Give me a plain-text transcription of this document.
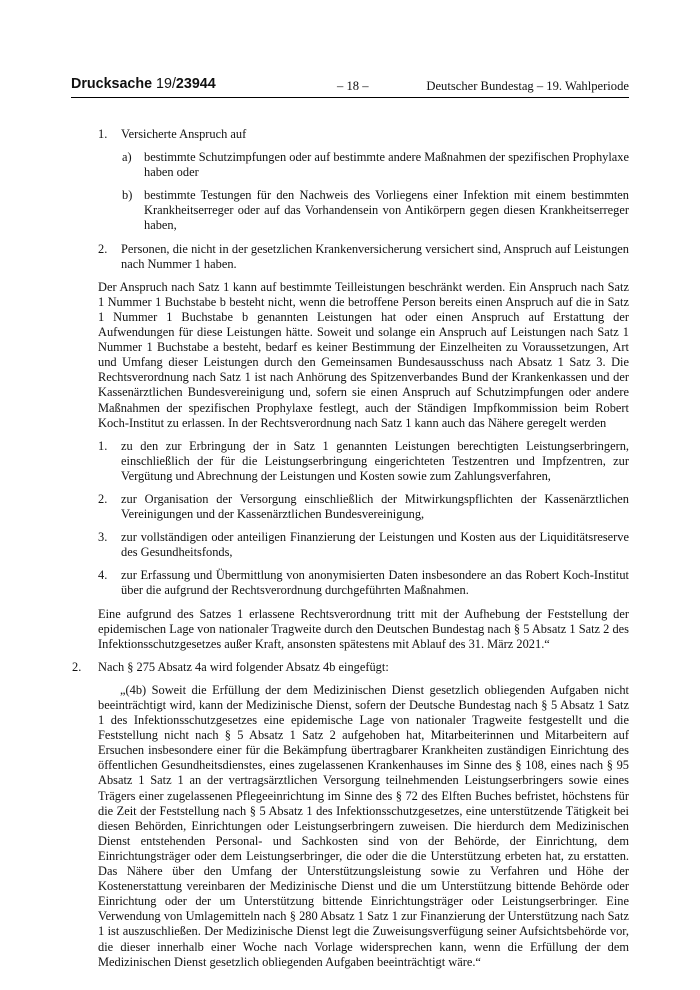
Drucksache 19/23944	– 18 –	Deutscher Bundestag – 19. Wahlperiode
1. Versicherte Anspruch auf

a) bestimmte Schutzimpfungen oder auf bestimmte andere Maßnahmen der spezifischen Prophylaxe haben oder

b) bestimmte Testungen für den Nachweis des Vorliegens einer Infektion mit einem bestimmten Krankheitserreger oder auf das Vorhandensein von Antikörpern gegen diesen Krankheitserreger haben,

2. Personen, die nicht in der gesetzlichen Krankenversicherung versichert sind, Anspruch auf Leistungen nach Nummer 1 haben.

Der Anspruch nach Satz 1 kann auf bestimmte Teilleistungen beschränkt werden. Ein Anspruch nach Satz 1 Nummer 1 Buchstabe b besteht nicht, wenn die betroffene Person bereits einen Anspruch auf die in Satz 1 Nummer 1 Buchstabe b genannten Leistungen hat oder einen Anspruch auf Erstattung der Aufwendungen für diese Leistungen hätte. Soweit und solange ein Anspruch auf Leistungen nach Satz 1 Nummer 1 Buchstabe a besteht, bedarf es keiner Bestimmung der Einzelheiten zu Voraussetzungen, Art und Umfang dieser Leistungen durch den Gemeinsamen Bundesausschuss nach Absatz 1 Satz 3. Die Rechtsverordnung nach Satz 1 ist nach Anhörung des Spitzenverbandes Bund der Krankenkassen und der Kassenärztlichen Bundesvereinigung und, sofern sie einen Anspruch auf Schutzimpfungen oder andere Maßnahmen der spezifischen Prophylaxe festlegt, auch der Ständigen Impfkommission beim Robert Koch-Institut zu erlassen. In der Rechtsverordnung nach Satz 1 kann auch das Nähere geregelt werden

1. zu den zur Erbringung der in Satz 1 genannten Leistungen berechtigten Leistungserbringern, einschließlich der für die Leistungserbringung eingerichteten Testzentren und Impfzentren, zur Vergütung und Abrechnung der Leistungen und Kosten sowie zum Zahlungsverfahren,

2. zur Organisation der Versorgung einschließlich der Mitwirkungspflichten der Kassenärztlichen Vereinigungen und der Kassenärztlichen Bundesvereinigung,

3. zur vollständigen oder anteiligen Finanzierung der Leistungen und Kosten aus der Liquiditätsreserve des Gesundheitsfonds,

4. zur Erfassung und Übermittlung von anonymisierten Daten insbesondere an das Robert Koch-Institut über die aufgrund der Rechtsverordnung durchgeführten Maßnahmen.

Eine aufgrund des Satzes 1 erlassene Rechtsverordnung tritt mit der Aufhebung der Feststellung der epidemischen Lage von nationaler Tragweite durch den Deutschen Bundestag nach § 5 Absatz 1 Satz 2 des Infektionsschutzgesetzes außer Kraft, ansonsten spätestens mit Ablauf des 31. März 2021.“

2. Nach § 275 Absatz 4a wird folgender Absatz 4b eingefügt:

„(4b) Soweit die Erfüllung der dem Medizinischen Dienst gesetzlich obliegenden Aufgaben nicht beeinträchtigt wird, kann der Medizinische Dienst, sofern der Deutsche Bundestag nach § 5 Absatz 1 Satz 1 des Infektionsschutzgesetzes eine epidemische Lage von nationaler Tragweite festgestellt und die Feststellung nicht nach § 5 Absatz 1 Satz 2 aufgehoben hat, Mitarbeiterinnen und Mitarbeitern auf Ersuchen insbesondere einer für die Bekämpfung übertragbarer Krankheiten zuständigen Einrichtung des öffentlichen Gesundheitsdienstes, eines zugelassenen Krankenhauses im Sinne des § 108, eines nach § 95 Absatz 1 Satz 1 an der vertragsärztlichen Versorgung teilnehmenden Leistungserbringers sowie eines Trägers einer zugelassenen Pflegeeinrichtung im Sinne des § 72 des Elften Buches befristet, höchstens für die Zeit der Feststellung nach § 5 Absatz 1 des Infektionsschutzgesetzes, eine unterstützende Tätigkeit bei diesen Behörden, Einrichtungen oder Leistungserbringern zuweisen. Die hierdurch dem Medizinischen Dienst entstehenden Personal- und Sachkosten sind von der Behörde, der Einrichtung, dem Einrichtungsträger oder dem Leistungserbringer, die oder die die Unterstützung erbeten hat, zu erstatten. Das Nähere über den Umfang der Unterstützungsleistung sowie zu Verfahren und Höhe der Kostenerstattung vereinbaren der Medizinische Dienst und die um Unterstützung bittende Behörde oder Einrichtung oder der um Unterstützung bittende Einrichtungsträger oder Leistungserbringer. Eine Verwendung von Umlagemitteln nach § 280 Absatz 1 Satz 1 zur Finanzierung der Unterstützung nach Satz 1 ist auszuschließen. Der Medizinische Dienst legt die Zuweisungsverfügung seiner Aufsichtsbehörde vor, die dieser innerhalb einer Woche nach Vorlage widersprechen kann, wenn die Erfüllung der dem Medizinischen Dienst gesetzlich obliegenden Aufgaben beeinträchtigt wäre.“
